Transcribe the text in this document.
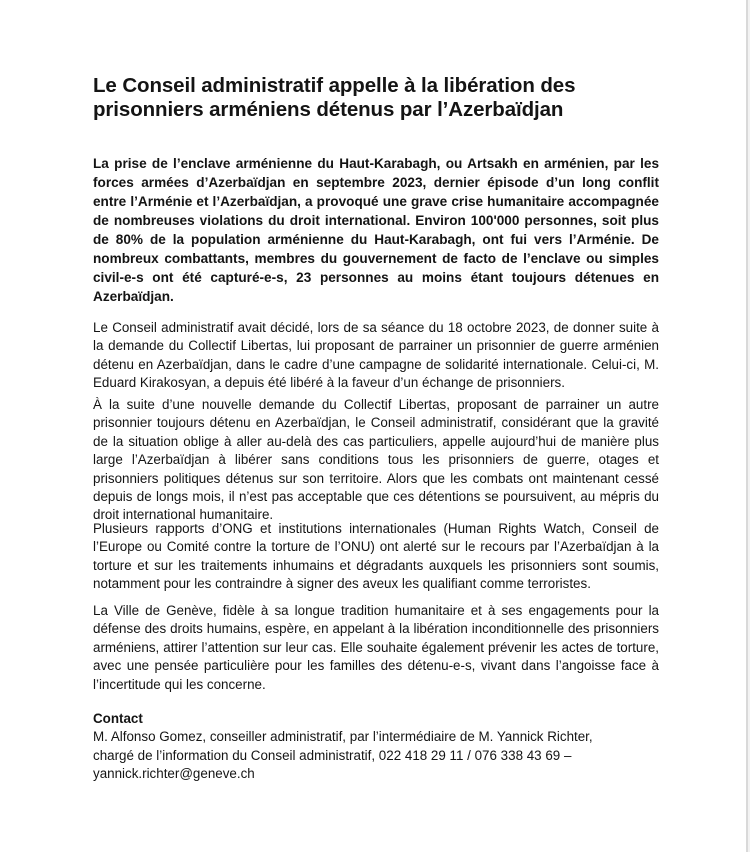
Le Conseil administratif appelle à la libération des
prisonniers arméniens détenus par l’Azerbaïdjan

La prise de l’enclave arménienne du Haut-Karabagh, ou Artsakh en arménien, par les forces armées d’Azerbaïdjan en septembre 2023, dernier épisode d’un long conflit entre l’Arménie et l’Azerbaïdjan, a provoqué une grave crise humanitaire accompagnée de nombreuses violations du droit international. Environ 100'000 personnes, soit plus de 80% de la population arménienne du Haut-Karabagh, ont fui vers l’Arménie. De nombreux combattants, membres du gouvernement de facto de l’enclave ou simples civil-e-s ont été capturé-e-s, 23 personnes au moins étant toujours détenues en Azerbaïdjan.

Le Conseil administratif avait décidé, lors de sa séance du 18 octobre 2023, de donner suite à la demande du Collectif Libertas, lui proposant de parrainer un prisonnier de guerre arménien détenu en Azerbaïdjan, dans le cadre d’une campagne de solidarité internationale. Celui-ci, M. Eduard Kirakosyan, a depuis été libéré à la faveur d’un échange de prisonniers.

À la suite d’une nouvelle demande du Collectif Libertas, proposant de parrainer un autre prisonnier toujours détenu en Azerbaïdjan, le Conseil administratif, considérant que la gravité de la situation oblige à aller au-delà des cas particuliers, appelle aujourd’hui de manière plus large l’Azerbaïdjan à libérer sans conditions tous les prisonniers de guerre, otages et prisonniers politiques détenus sur son territoire. Alors que les combats ont maintenant cessé depuis de longs mois, il n’est pas acceptable que ces détentions se poursuivent, au mépris du droit international humanitaire.

Plusieurs rapports d’ONG et institutions internationales (Human Rights Watch, Conseil de l’Europe ou Comité contre la torture de l’ONU) ont alerté sur le recours par l’Azerbaïdjan à la torture et sur les traitements inhumains et dégradants auxquels les prisonniers sont soumis, notamment pour les contraindre à signer des aveux les qualifiant comme terroristes.

La Ville de Genève, fidèle à sa longue tradition humanitaire et à ses engagements pour la défense des droits humains, espère, en appelant à la libération inconditionnelle des prisonniers arméniens, attirer l’attention sur leur cas. Elle souhaite également prévenir les actes de torture, avec une pensée particulière pour les familles des détenu-e-s, vivant dans l’angoisse face à l’incertitude qui les concerne.

Contact
M. Alfonso Gomez, conseiller administratif, par l’intermédiaire de M. Yannick Richter,
chargé de l’information du Conseil administratif, 022 418 29 11 / 076 338 43 69 –
yannick.richter@geneve.ch
